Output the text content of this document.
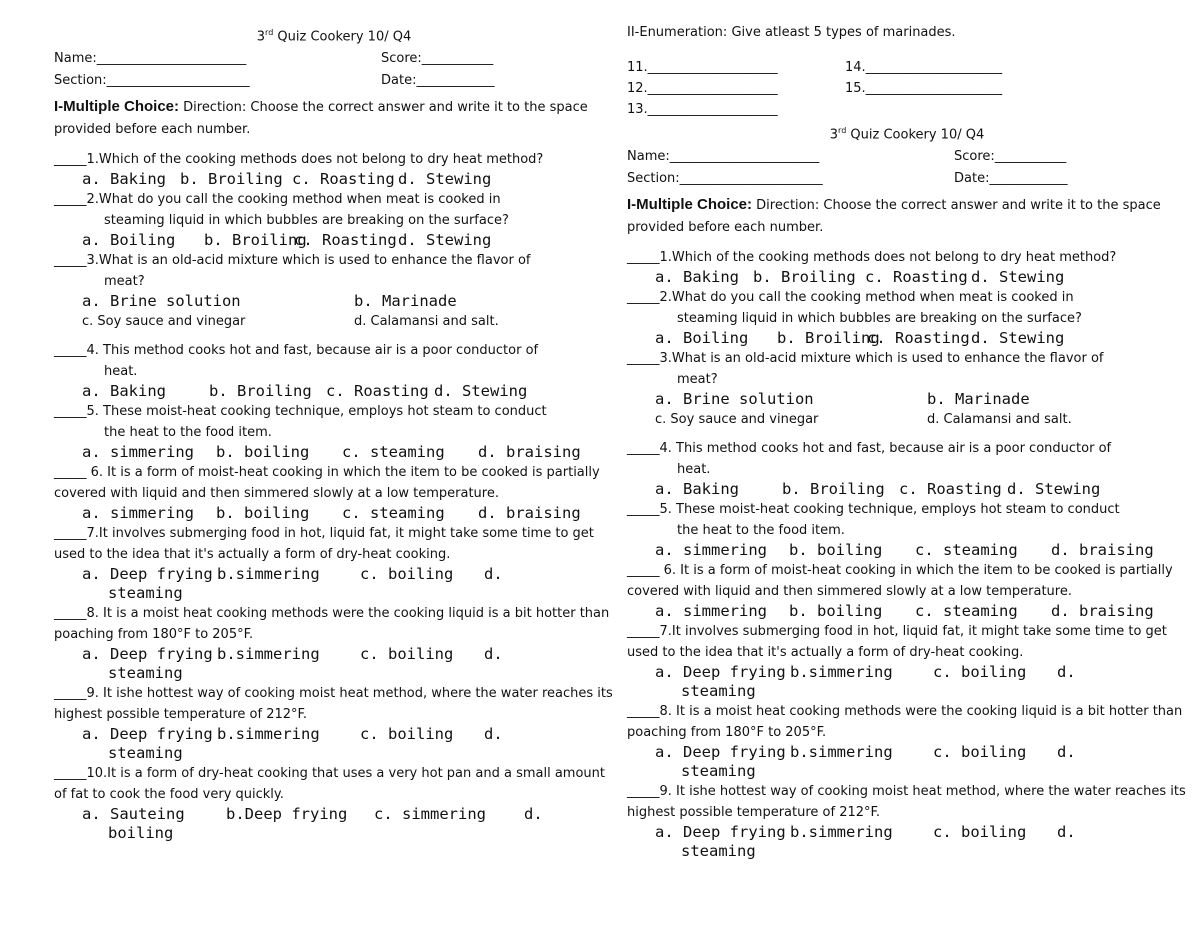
3rd Quiz Cookery 10/ Q4
Name:_______________________	Score:___________
Section:______________________	Date:____________
I-Multiple Choice: Direction: Choose the correct answer and write it to the space provided before each number.
_____1.Which of the cooking methods does not belong to dry heat method?
a. Baking b. Broiling c. Roasting d. Stewing
_____2.What do you call the cooking method when meat is cooked in
steaming liquid in which bubbles are breaking on the surface?
a. Boiling b. Broiling
c. Roasting d. Stewing
_____3.What is an old-acid mixture which is used to enhance the flavor of
meat?
a. Brine solution	b. Marinade
c. Soy sauce and vinegar	d. Calamansi and salt.
_____4. This method cooks hot and fast, because air is a poor conductor of
heat.
a. Baking	b. Broiling c. Roasting d. Stewing
_____5. These moist-heat cooking technique, employs hot steam to conduct
the heat to the food item.
a. simmering b. boiling c. steaming d. braising
_____ 6. It is a form of moist-heat cooking in which the item to be cooked is partially covered with liquid and then simmered slowly at a low temperature.
a. simmering b. boiling c. steaming d. braising
_____7.It involves submerging food in hot, liquid fat, it might take some time to get used to the idea that it's actually a form of dry-heat cooking.
a. Deep frying b.simmering	c. boiling d.
steaming
_____8. It is a moist heat cooking methods were the cooking liquid is a bit hotter than poaching from 180°F to 205°F.
a. Deep frying b.simmering	c. boiling d.
steaming
_____9. It ishe hottest way of cooking moist heat method, where the water reaches its highest possible temperature of 212°F.
a. Deep frying b.simmering	c. boiling d.
steaming
_____10.It is a form of dry-heat cooking that uses a very hot pan and a small amount of fat to cook the food very quickly.
a. Sauteing	b.Deep frying c. simmering d.
boiling
II-Enumeration: Give atleast 5 types of marinades.
11.____________________	14._____________________
12.____________________	15._____________________
13.____________________
3rd Quiz Cookery 10/ Q4
Name:_______________________	Score:___________
Section:______________________	Date:____________
I-Multiple Choice: Direction: Choose the correct answer and write it to the space provided before each number.
_____1.Which of the cooking methods does not belong to dry heat method?
a. Baking b. Broiling c. Roasting d. Stewing
_____2.What do you call the cooking method when meat is cooked in
steaming liquid in which bubbles are breaking on the surface?
a. Boiling b. Broiling
c. Roasting d. Stewing
_____3.What is an old-acid mixture which is used to enhance the flavor of
meat?
a. Brine solution	b. Marinade
c. Soy sauce and vinegar	d. Calamansi and salt.
_____4. This method cooks hot and fast, because air is a poor conductor of
heat.
a. Baking	b. Broiling c. Roasting d. Stewing
_____5. These moist-heat cooking technique, employs hot steam to conduct
the heat to the food item.
a. simmering b. boiling c. steaming d. braising
_____ 6. It is a form of moist-heat cooking in which the item to be cooked is partially covered with liquid and then simmered slowly at a low temperature.
a. simmering b. boiling c. steaming d. braising
_____7.It involves submerging food in hot, liquid fat, it might take some time to get used to the idea that it's actually a form of dry-heat cooking.
a. Deep frying b.simmering	c. boiling d.
steaming
_____8. It is a moist heat cooking methods were the cooking liquid is a bit hotter than poaching from 180°F to 205°F.
a. Deep frying b.simmering	c. boiling d.
steaming
_____9. It ishe hottest way of cooking moist heat method, where the water reaches its highest possible temperature of 212°F.
a. Deep frying b.simmering	c. boiling d.
steaming
